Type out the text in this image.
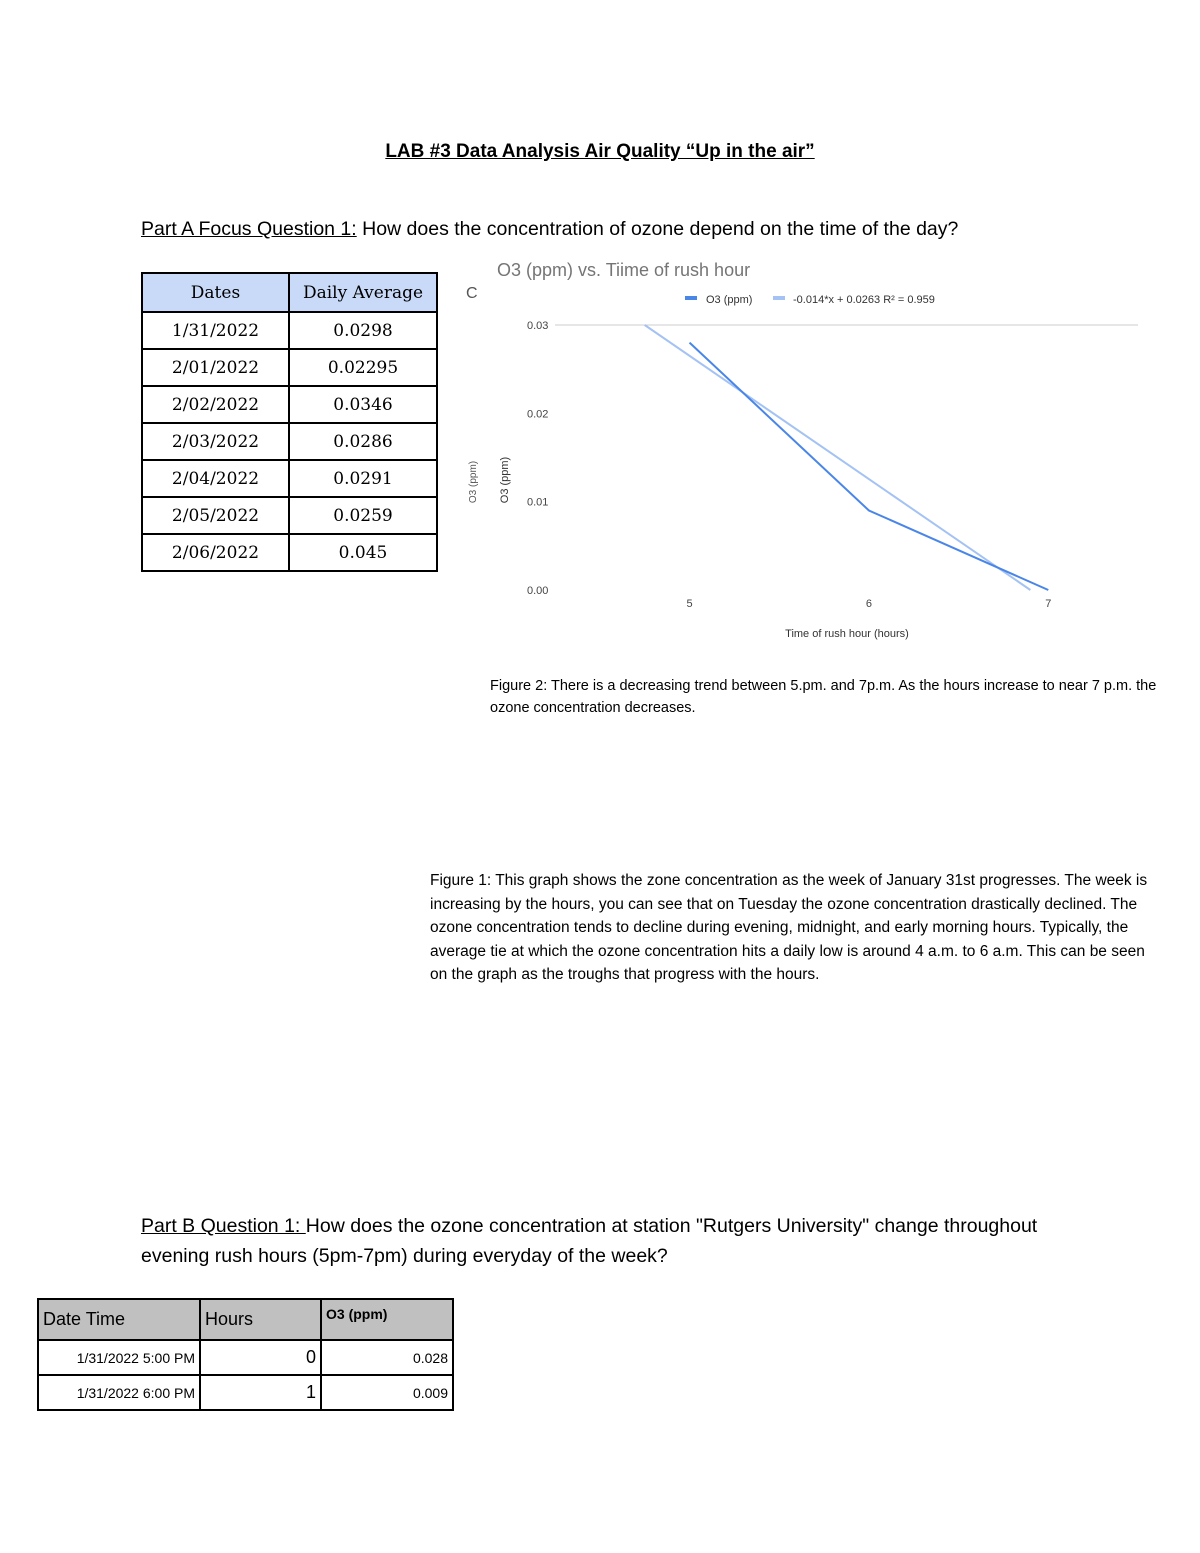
LAB #3 Data Analysis Air Quality “Up in the air”
Part A Focus Question 1: How does the concentration of ozone depend on the time of the day?
Dates	Daily Average
1/31/2022	0.0298
2/01/2022	0.02295
2/02/2022	0.0346
2/03/2022	0.0286
2/04/2022	0.0291
2/05/2022	0.0259
2/06/2022	0.045
O3 (ppm) vs. Tiime of rush hour
C
O3 (ppm)
O3 (ppm)	-0.014*x + 0.0263 R² = 0.959
0.00
0.01
0.02
0.03
5	6	7
O3 (ppm)
Time of rush hour (hours)
Figure 2: There is a decreasing trend between 5.pm. and 7p.m. As the hours increase to near 7 p.m. the ozone concentration decreases.
Figure 1: This graph shows the zone concentration as the week of January 31st progresses. The week is increasing by the hours, you can see that on Tuesday the ozone concentration drastically declined. The ozone concentration tends to decline during evening, midnight, and early morning hours. Typically, the average tie at which the ozone concentration hits a daily low is around 4 a.m. to 6 a.m. This can be seen on the graph as the troughs that progress with the hours.
Part B Question 1: How does the ozone concentration at station "Rutgers University" change throughout evening rush hours (5pm-7pm) during everyday of the week?
Date Time	Hours	O3 (ppm)
1/31/2022 5:00 PM	0	0.028
1/31/2022 6:00 PM	1	0.009
